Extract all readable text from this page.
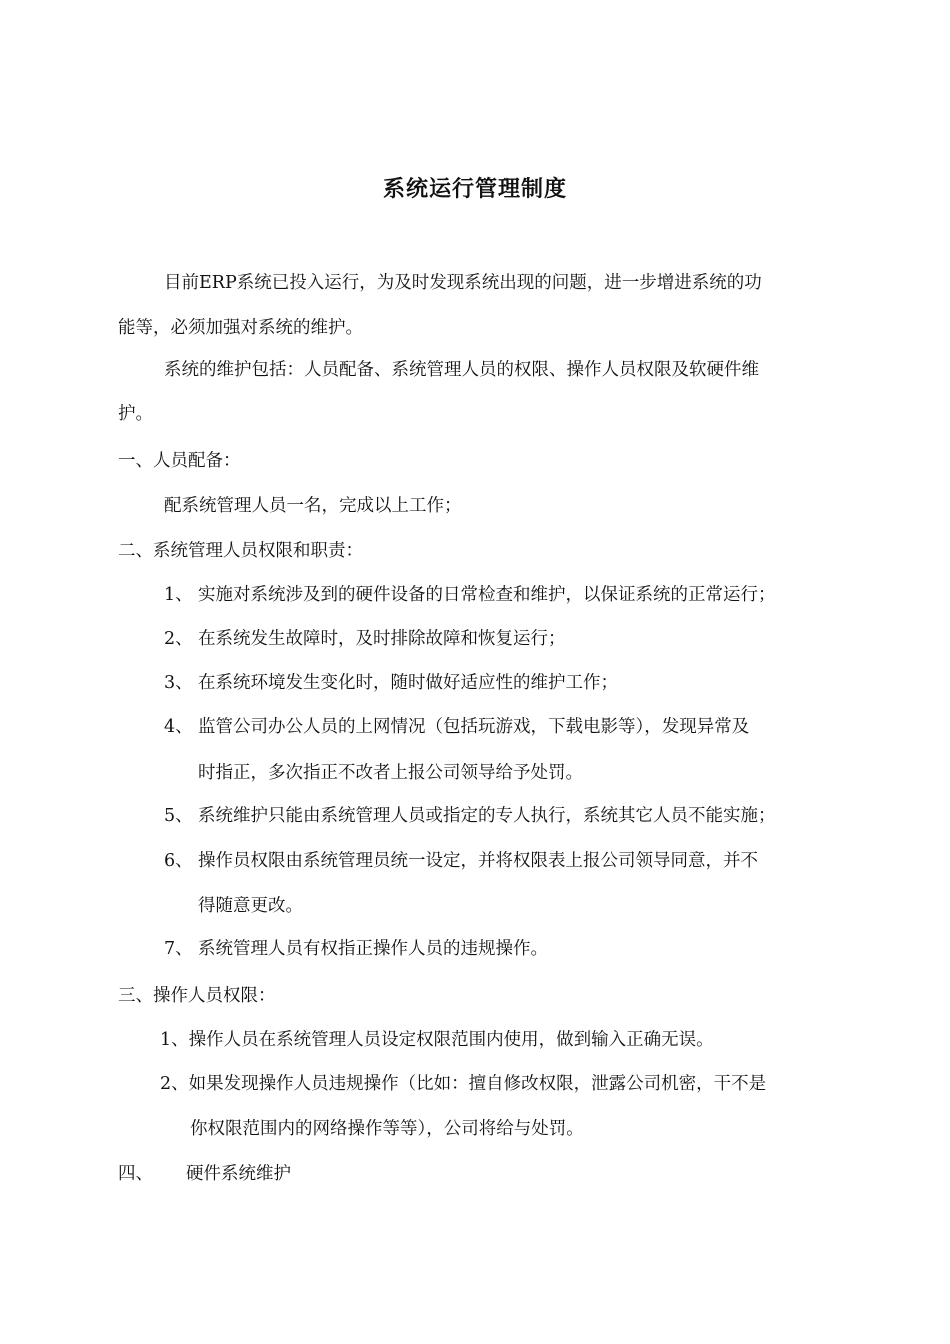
系统运行管理制度
目前ERP系统已投入运行，为及时发现系统出现的问题，进一步增进系统的功
能等，必须加强对系统的维护。
系统的维护包括：人员配备、系统管理人员的权限、操作人员权限及软硬件维
护。
一、人员配备：
配系统管理人员一名，完成以上工作；
二、系统管理人员权限和职责：
1、 实施对系统涉及到的硬件设备的日常检查和维护，以保证系统的正常运行；
2、 在系统发生故障时，及时排除故障和恢复运行；
3、 在系统环境发生变化时，随时做好适应性的维护工作；
4、 监管公司办公人员的上网情况（包括玩游戏，下载电影等），发现异常及
时指正，多次指正不改者上报公司领导给予处罚。
5、 系统维护只能由系统管理人员或指定的专人执行，系统其它人员不能实施；
6、 操作员权限由系统管理员统一设定，并将权限表上报公司领导同意，并不
得随意更改。
7、 系统管理人员有权指正操作人员的违规操作。
三、操作人员权限：
1、操作人员在系统管理人员设定权限范围内使用，做到输入正确无误。
2、如果发现操作人员违规操作（比如：擅自修改权限，泄露公司机密，干不是
你权限范围内的网络操作等等），公司将给与处罚。
四、 硬件系统维护
